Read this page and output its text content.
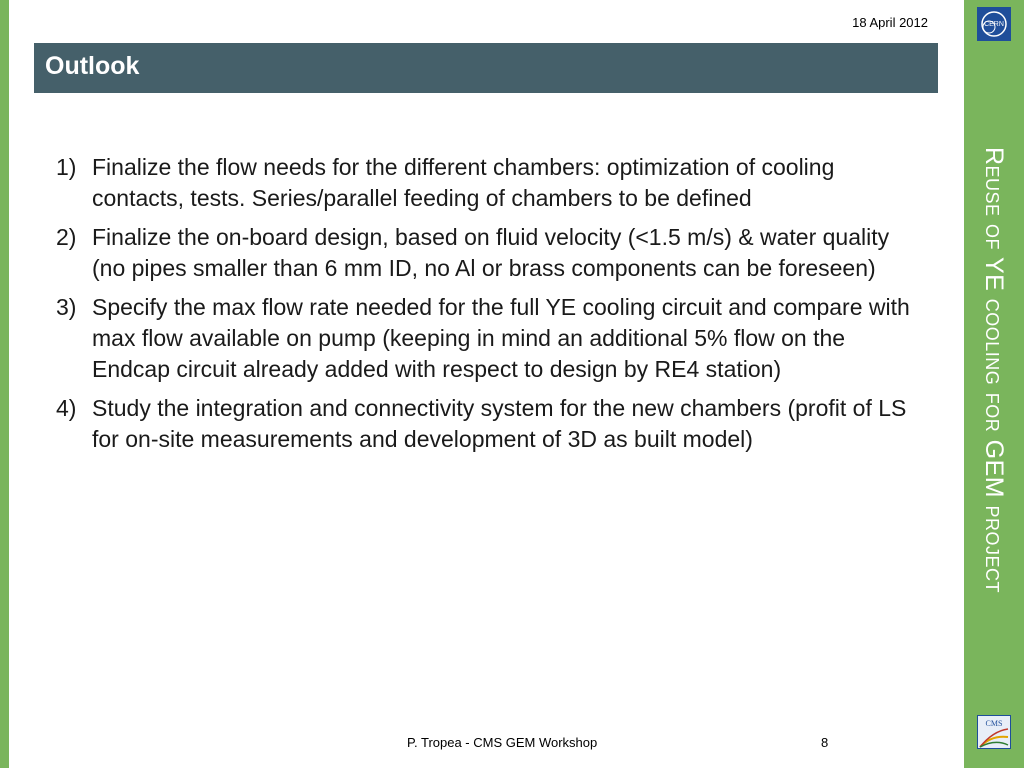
18 April 2012
Outlook
1) Finalize the flow needs for the different chambers: optimization of cooling contacts, tests. Series/parallel feeding of chambers to be defined
2) Finalize the on-board design, based on fluid velocity (<1.5 m/s) & water quality (no pipes smaller than 6 mm ID, no Al or brass components can be foreseen)
3) Specify the max flow rate needed for the full YE cooling circuit and compare with max flow available on pump (keeping in mind an additional 5% flow on the Endcap circuit already added with respect to design by RE4 station)
4) Study the integration and connectivity system for the new chambers (profit of LS for on-site measurements and development of 3D as built model)
P. Tropea - CMS GEM Workshop	8
Reuse of YE cooling for GEM project
CERN
CMS
